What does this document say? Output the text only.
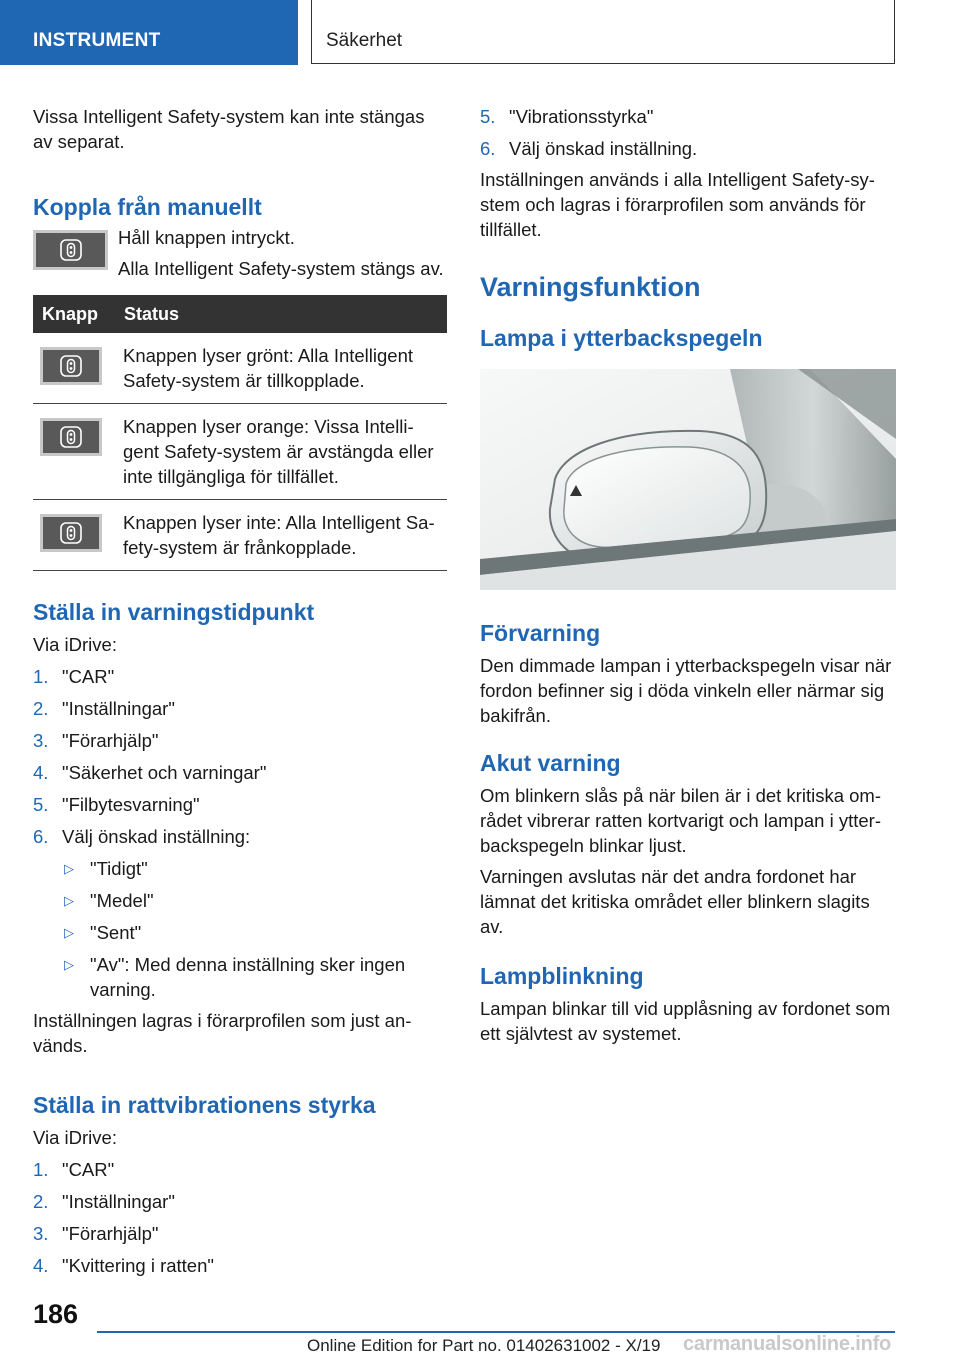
INSTRUMENT	Säkerhet

Vissa Intelligent Safety-system kan inte stängas av separat.

Koppla från manuellt

Håll knappen intryckt.

Alla Intelligent Safety-system stängs av.

Knapp	Status

	Knappen lyser grönt: Alla Intelligent Safety-system är tillkopplade.

	Knappen lyser orange: Vissa Intelli-gent Safety-system är avstängda eller inte tillgängliga för tillfället.

	Knappen lyser inte: Alla Intelligent Sa-fety-system är frånkopplade.
Ställa in varningstidpunkt

Via iDrive:

1. "CAR"
2. "Inställningar"
3. "Förarhjälp"
4. "Säkerhet och varningar"
5. "Filbytesvarning"
6. Välj önskad inställning:
▷ "Tidigt"
▷ "Medel"
▷ "Sent"
▷ "Av": Med denna inställning sker ingen varning.

Inställningen lagras i förarprofilen som just an-vänds.

Ställa in rattvibrationens styrka

Via iDrive:

1. "CAR"
2. "Inställningar"
3. "Förarhjälp"
4. "Kvittering i ratten"
5. "Vibrationsstyrka"
6. Välj önskad inställning.

Inställningen används i alla Intelligent Safety-sy-stem och lagras i förarprofilen som används för tillfället.

Varningsfunktion
Lampa i ytterbackspegeln
Förvarning

Den dimmade lampan i ytterbackspegeln visar när fordon befinner sig i döda vinkeln eller närmar sig bakifrån.

Akut varning

Om blinkern slås på när bilen är i det kritiska om-rådet vibrerar ratten kortvarigt och lampan i ytter-backspegeln blinkar ljust.

Varningen avslutas när det andra fordonet har lämnat det kritiska området eller blinkern slagits av.

Lampblinkning

Lampan blinkar till vid upplåsning av fordonet som ett självtest av systemet.

186
Online Edition for Part no. 01402631002 - X/19 carmanualsonline.info
